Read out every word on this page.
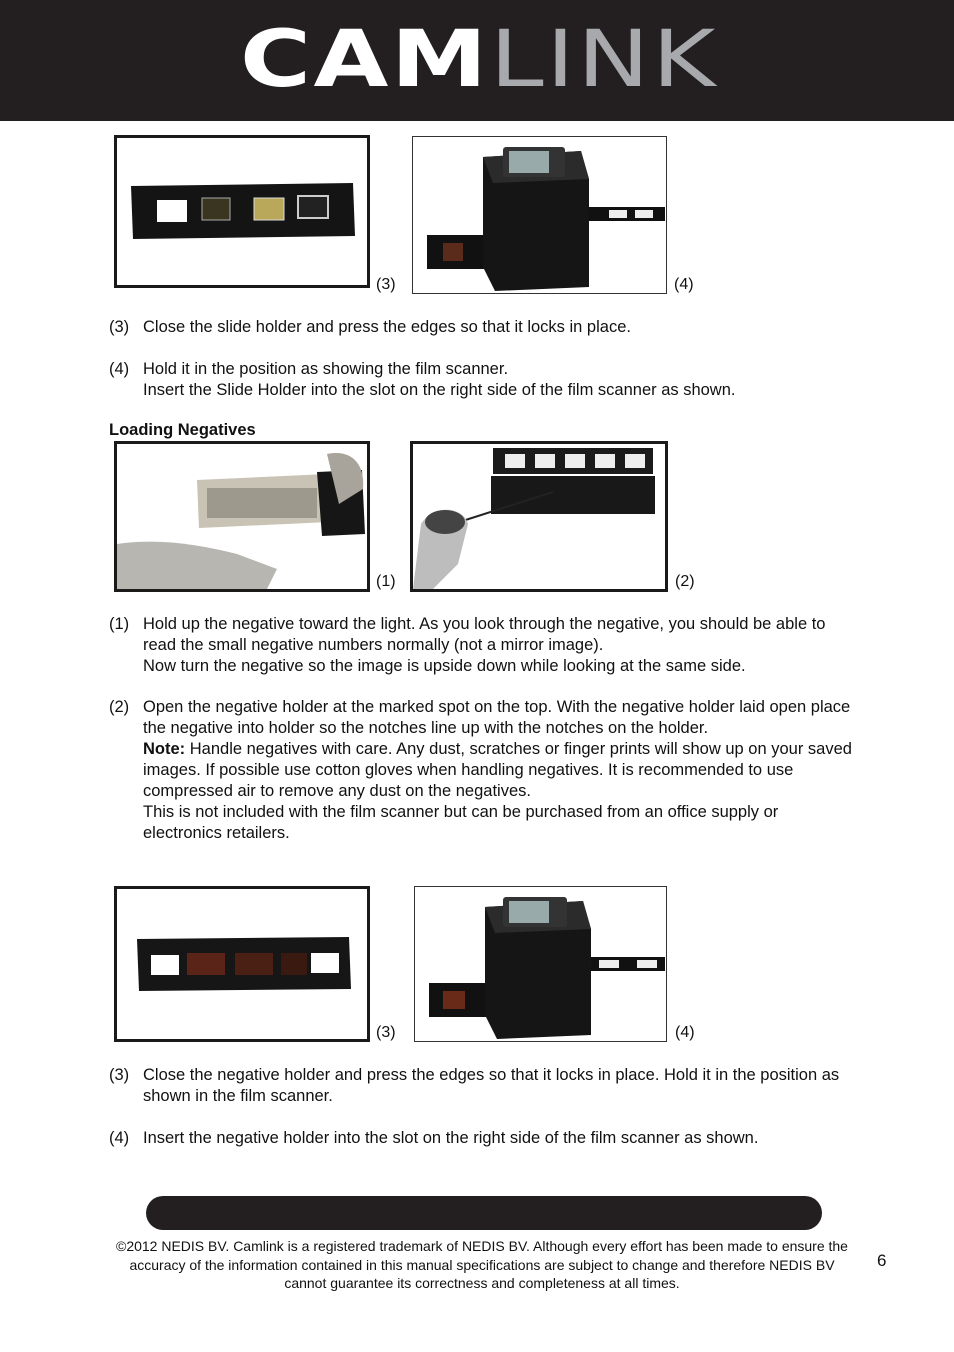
CAM LINK
(3)	(4)
(3) Close the slide holder and press the edges so that it locks in place.

(4) Hold it in the position as showing the film scanner.

Insert the Slide Holder into the slot on the right side of the film scanner as shown.

Loading Negatives
(1)	(2)
(1) Hold up the negative toward the light. As you look through the negative, you should be able to read the small negative numbers normally (not a mirror image).

Now turn the negative so the image is upside down while looking at the same side.

(2) Open the negative holder at the marked spot on the top. With the negative holder laid open place the negative into holder so the notches line up with the notches on the holder.

Note: Handle negatives with care. Any dust, scratches or finger prints will show up on your saved images. If possible use cotton gloves when handling negatives. It is recommended to use compressed air to remove any dust on the negatives.

This is not included with the film scanner but can be purchased from an office supply or electronics retailers.

(3)	(4)
(3) Close the negative holder and press the edges so that it locks in place. Hold it in the position as shown in the film scanner.

(4) Insert the negative holder into the slot on the right side of the film scanner as shown.

©2012 NEDIS BV. Camlink is a registered trademark of NEDIS BV. Although every effort has been made to ensure the accuracy of the information contained in this manual specifications are subject to change and therefore NEDIS BV cannot guarantee its correctness and completeness at all times.
6
